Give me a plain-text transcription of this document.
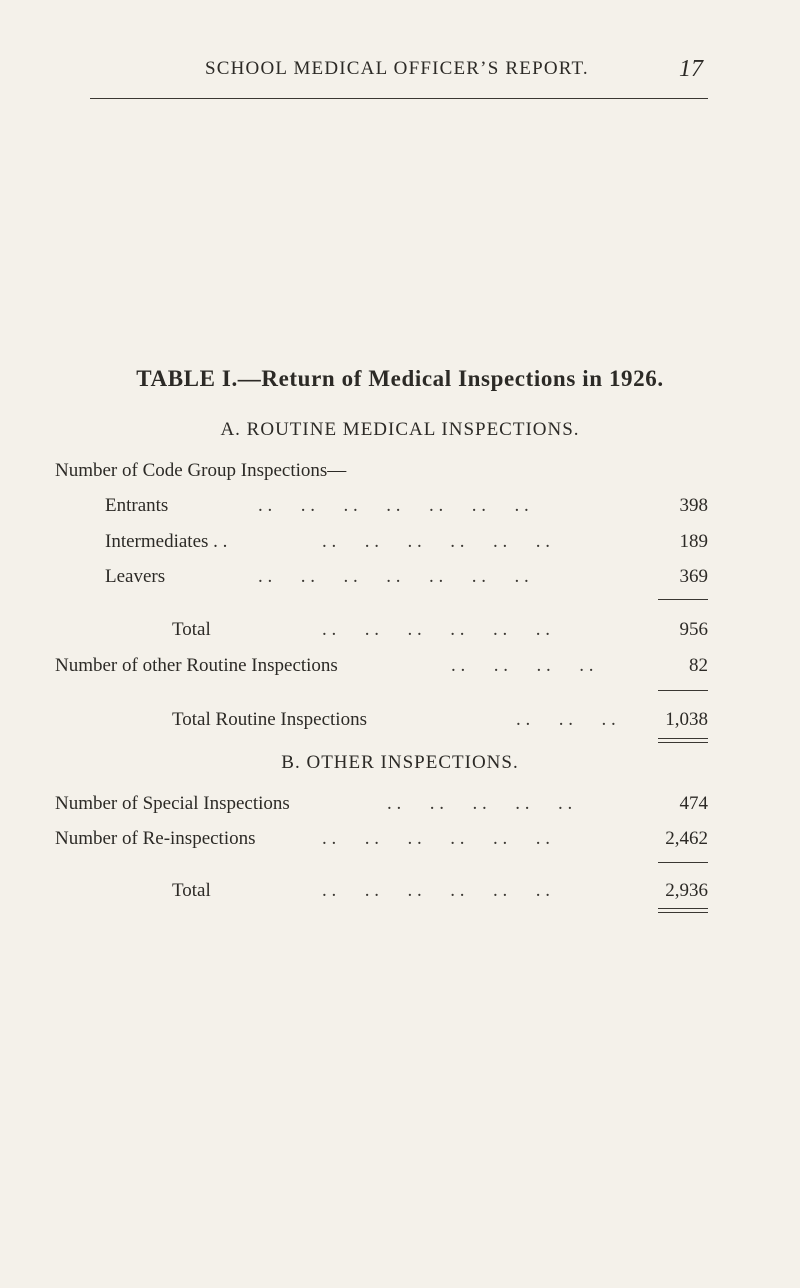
SCHOOL MEDICAL OFFICER’S REPORT.	17
TABLE I.—Return of Medical Inspections in 1926.
A. ROUTINE MEDICAL INSPECTIONS.
Number of Code Group Inspections—
Entrants	. . . . . . . . . . . . . .	398
Intermediates . .	. . . . . . . . . . . .	189
Leavers	. . . . . . . . . . . . . .	369
Total	. . . . . . . . . . . .	956
Number of other Routine Inspections	. . . . . . . .	82
Total Routine Inspections	. . . . . .	1,038
B. OTHER INSPECTIONS.
Number of Special Inspections	. . . . . . . . . .	474
Number of Re-inspections	. . . . . . . . . . . .	2,462
Total	. . . . . . . . . . . .	2,936
